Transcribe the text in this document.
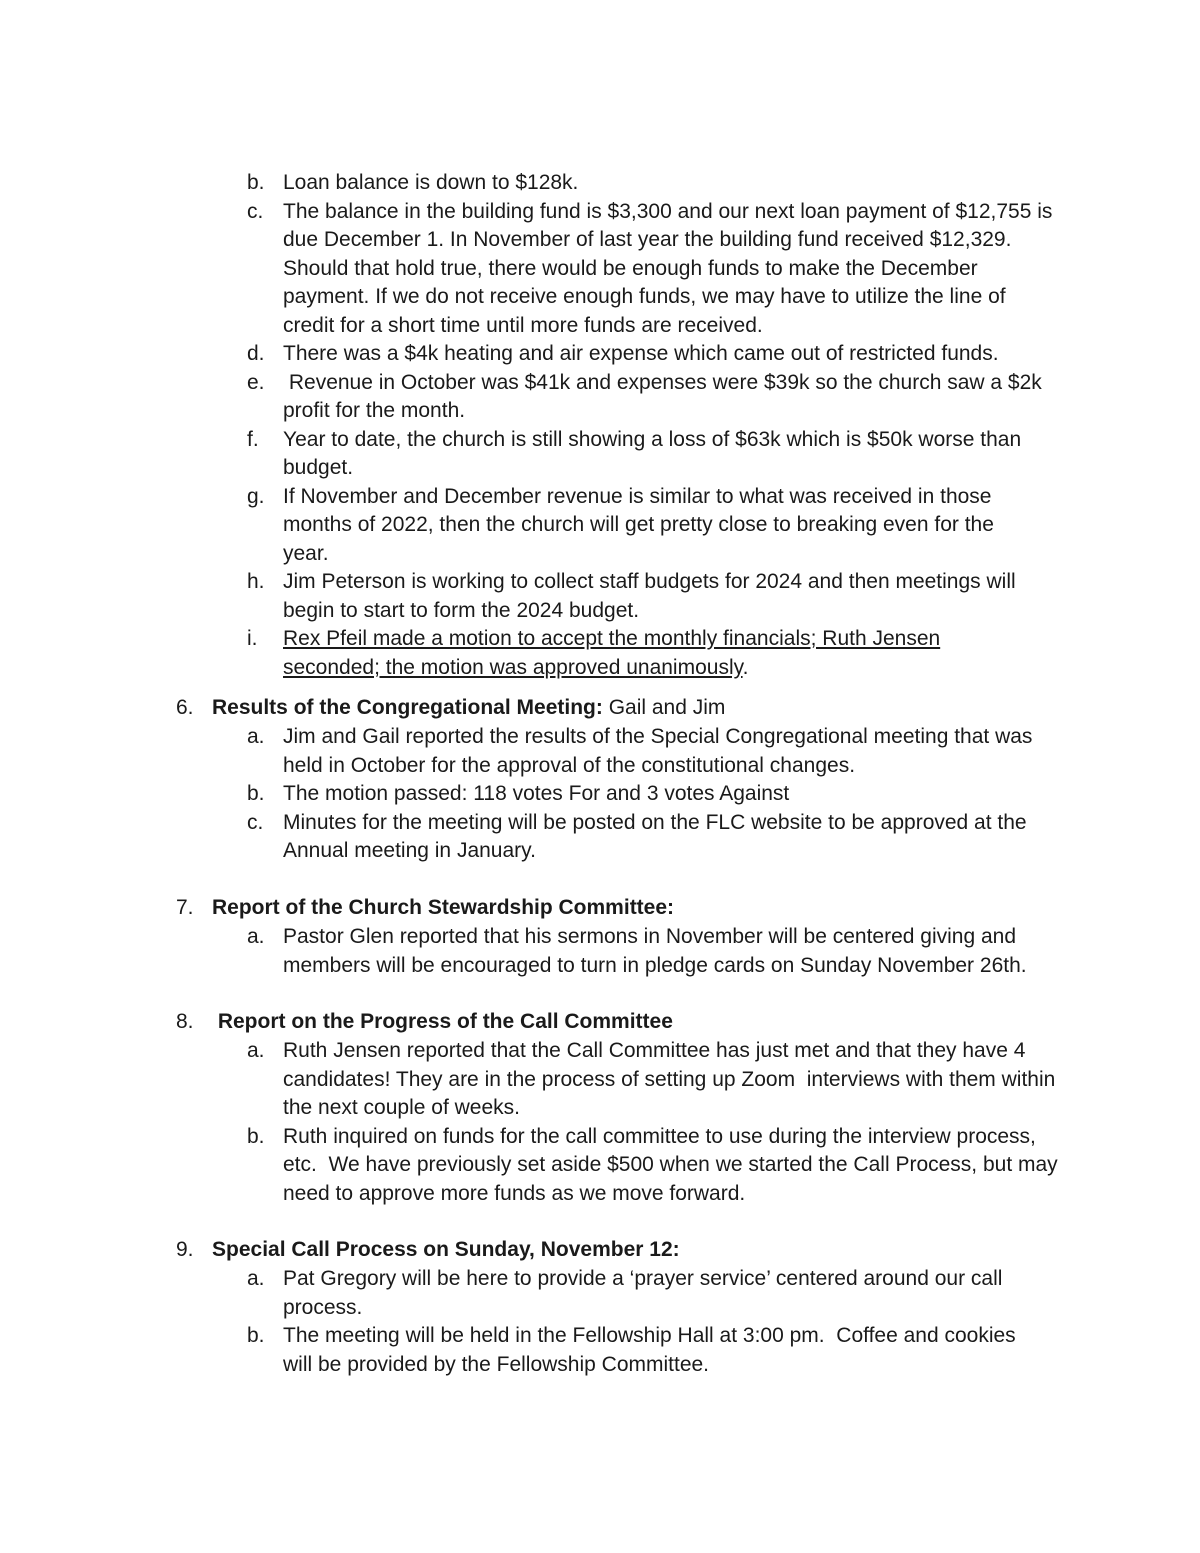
b. Loan balance is down to $128k.
c. The balance in the building fund is $3,300 and our next loan payment of $12,755 is due December 1. In November of last year the building fund received $12,329. Should that hold true, there would be enough funds to make the December payment. If we do not receive enough funds, we may have to utilize the line of credit for a short time until more funds are received.
d. There was a $4k heating and air expense which came out of restricted funds.
e. Revenue in October was $41k and expenses were $39k so the church saw a $2k profit for the month.
f.	Year to date, the church is still showing a loss of $63k which is $50k worse than budget.
g. If November and December revenue is similar to what was received in those months of 2022, then the church will get pretty close to breaking even for the year.
h. Jim Peterson is working to collect staff budgets for 2024 and then meetings will begin to start to form the 2024 budget.
i.	Rex Pfeil made a motion to accept the monthly financials; Ruth Jensen seconded; the motion was approved unanimously.
6. Results of the Congregational Meeting: Gail and Jim
a. Jim and Gail reported the results of the Special Congregational meeting that was held in October for the approval of the constitutional changes.
b. The motion passed: 118 votes For and 3 votes Against
c. Minutes for the meeting will be posted on the FLC website to be approved at the Annual meeting in January.
7. Report of the Church Stewardship Committee:
a. Pastor Glen reported that his sermons in November will be centered giving and members will be encouraged to turn in pledge cards on Sunday November 26th.
8. Report on the Progress of the Call Committee
a. Ruth Jensen reported that the Call Committee has just met and that they have 4 candidates! They are in the process of setting up Zoom  interviews with them within the next couple of weeks.
b. Ruth inquired on funds for the call committee to use during the interview process, etc.  We have previously set aside $500 when we started the Call Process, but may need to approve more funds as we move forward.
9. Special Call Process on Sunday, November 12:
a. Pat Gregory will be here to provide a ‘prayer service’ centered around our call process.
b. The meeting will be held in the Fellowship Hall at 3:00 pm.  Coffee and cookies will be provided by the Fellowship Committee.
